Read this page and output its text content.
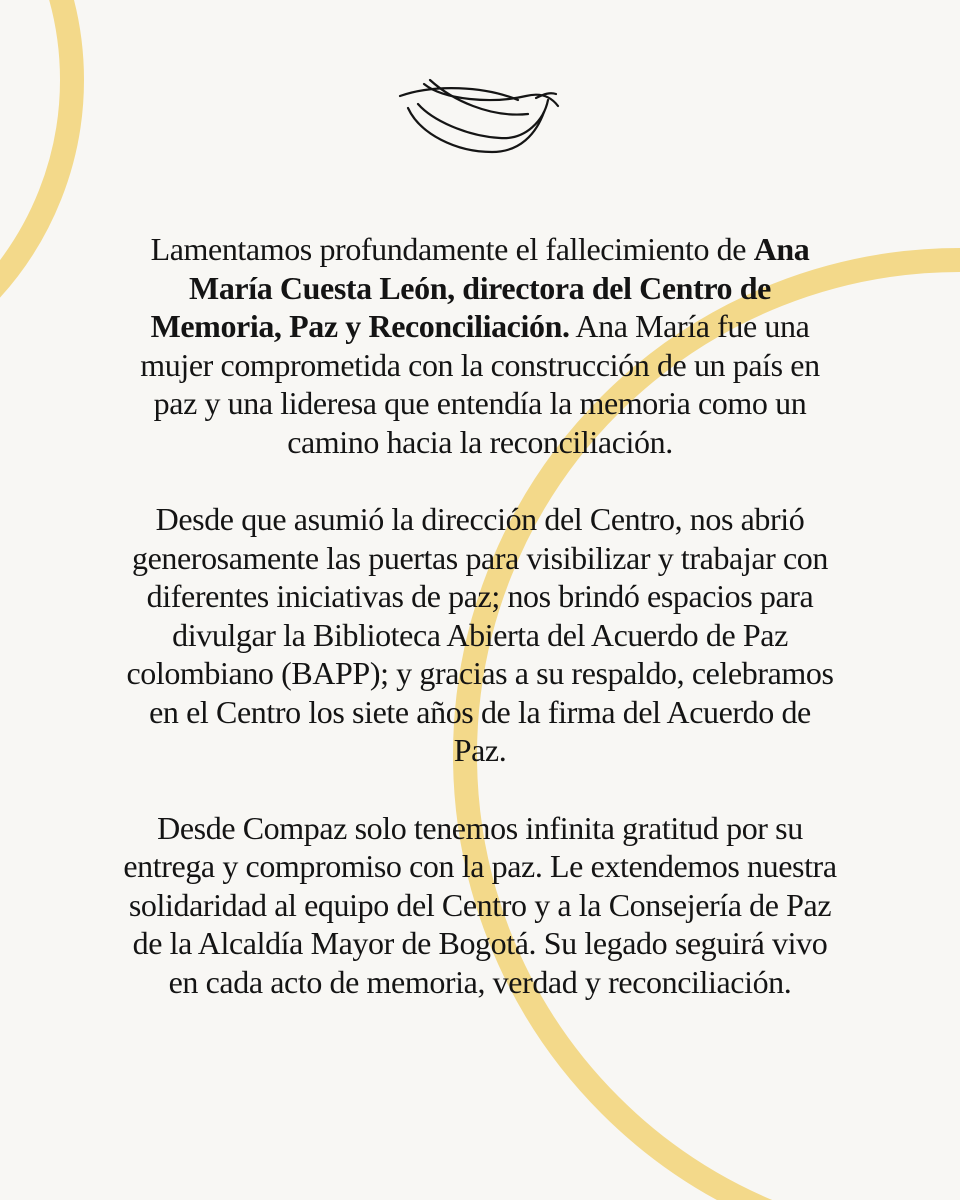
Lamentamos profundamente el fallecimiento de Ana María Cuesta León, directora del Centro de Memoria, Paz y Reconciliación. Ana María fue una mujer comprometida con la construcción de un país en paz y una lideresa que entendía la memoria como un camino hacia la reconciliación.

Desde que asumió la dirección del Centro, nos abrió generosamente las puertas para visibilizar y trabajar con diferentes iniciativas de paz; nos brindó espacios para divulgar la Biblioteca Abierta del Acuerdo de Paz colombiano (BAPP); y gracias a su respaldo, celebramos en el Centro los siete años de la firma del Acuerdo de Paz.

Desde Compaz solo tenemos infinita gratitud por su entrega y compromiso con la paz. Le extendemos nuestra solidaridad al equipo del Centro y a la Consejería de Paz de la Alcaldía Mayor de Bogotá. Su legado seguirá vivo en cada acto de memoria, verdad y reconciliación.
